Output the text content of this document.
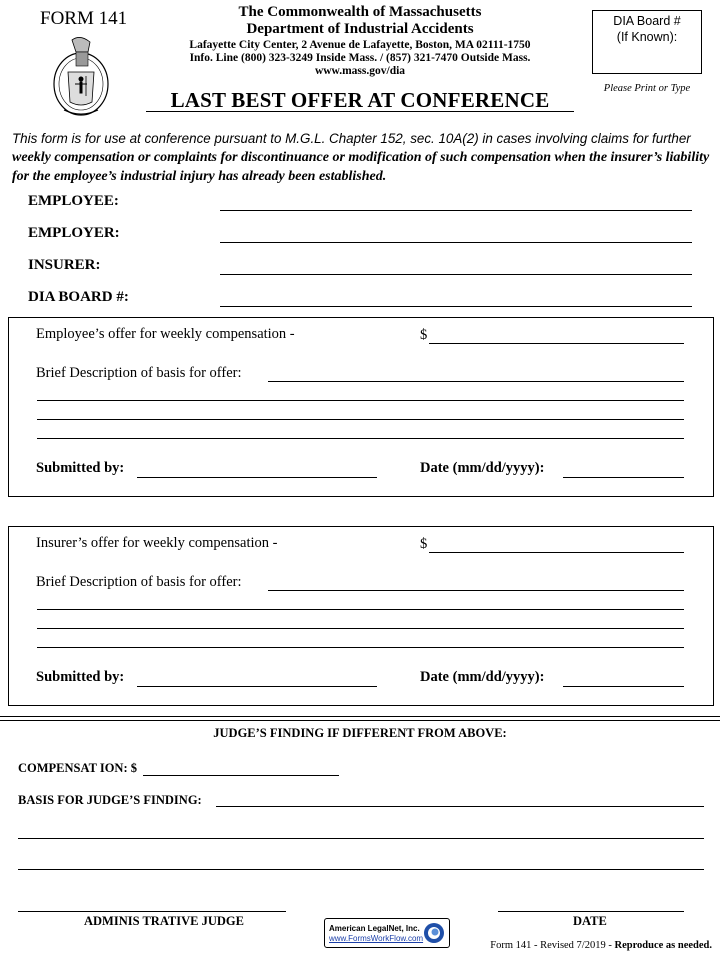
FORM 141	The Commonwealth of Massachusetts
Department of Industrial Accidents
Lafayette City Center, 2 Avenue de Lafayette, Boston, MA 02111-1750
Info. Line (800) 323-3249 Inside Mass. / (857) 321-7470 Outside Mass.
www.mass.gov/dia
LAST BEST OFFER AT CONFERENCE
DIA Board #
(If Known):
Please Print or Type
This form is for use at conference pursuant to M.G.L. Chapter 152, sec. 10A(2) in cases involving claims for further weekly compensation or complaints for discontinuance or modification of such compensation when the insurer’s liability for the employee’s industrial injury has already been established.
EMPLOYEE:
EMPLOYER:
INSURER:
DIA BOARD #:
Employee’s offer for weekly compensation -	$
Brief Description of basis for offer:
Submitted by:	Date (mm/dd/yyyy):
Insurer’s offer for weekly compensation -	$
Brief Description of basis for offer:
Submitted by:	Date (mm/dd/yyyy):
JUDGE’S FINDING IF DIFFERENT FROM ABOVE:
COMPENSAT ION: $
BASIS FOR JUDGE’S FINDING:
ADMINIS TRATIVE JUDGE	DATE
American LegalNet, Inc.
www.FormsWorkFlow.com
Form 141 - Revised 7/2019 - Reproduce as needed.
